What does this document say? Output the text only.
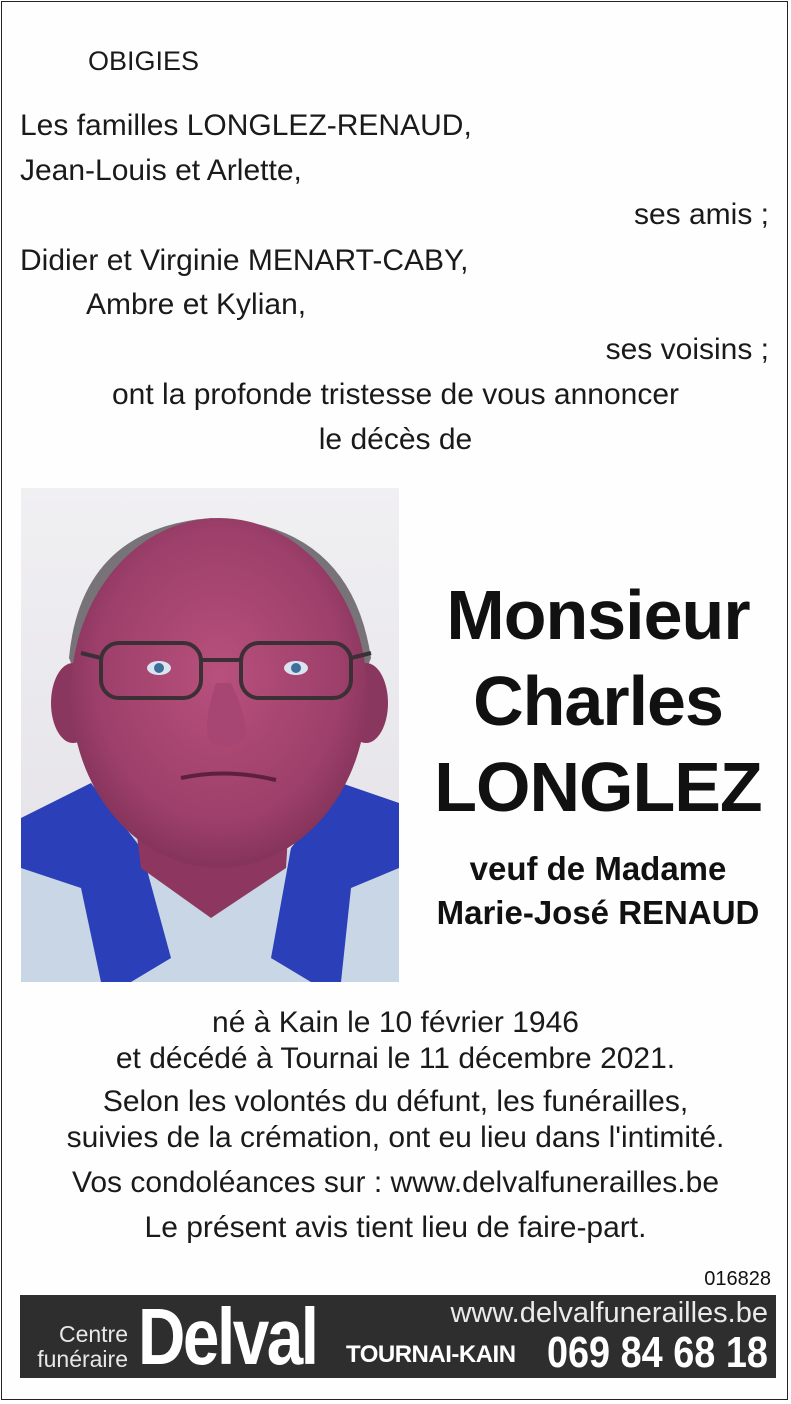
OBIGIES
Les familles LONGLEZ-RENAUD,
Jean-Louis et Arlette,
ses amis ;
Didier et Virginie MENART-CABY,
Ambre et Kylian,
ses voisins ;
ont la profonde tristesse de vous annoncer
le décès de
Monsieur
Charles
LONGLEZ
veuf de Madame
Marie-José RENAUD
né à Kain le 10 février 1946
et décédé à Tournai le 11 décembre 2021.
Selon les volontés du défunt, les funérailles,
suivies de la crémation, ont eu lieu dans l'intimité.
Vos condoléances sur : www.delvalfunerailles.be
Le présent avis tient lieu de faire-part.
016828
Centre
funéraire Delval TOURNAI-KAIN
www.delvalfunerailles.be
069 84 68 18
